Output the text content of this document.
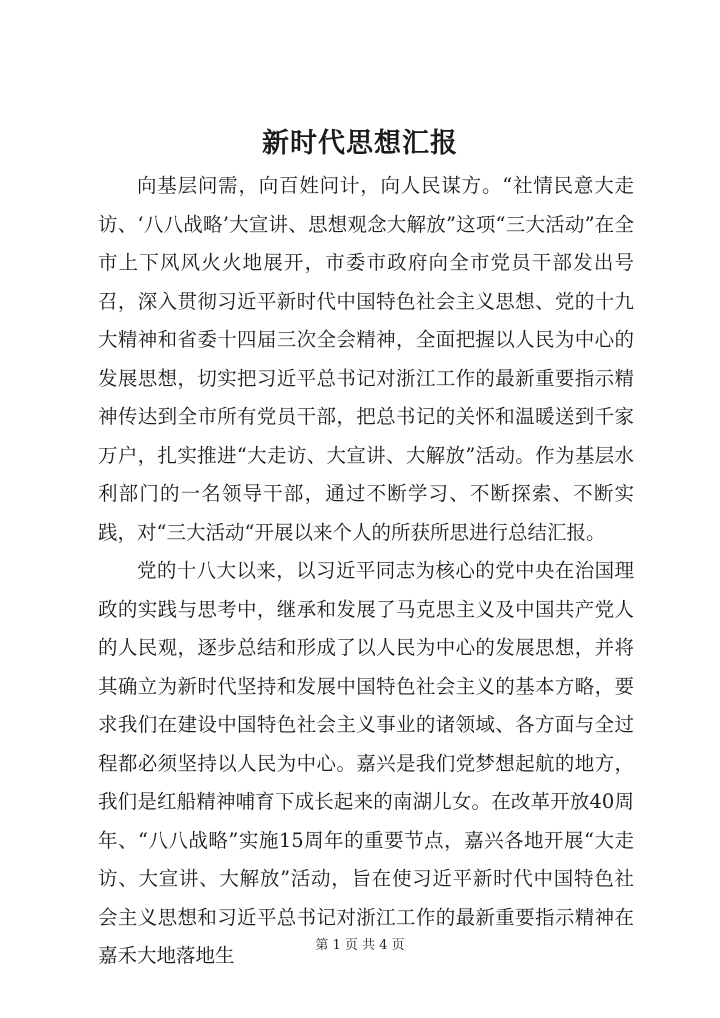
新时代思想汇报

向基层问需，向百姓问计，向人民谋方。“社情民意大走访、‘八八战略’大宣讲、思想观念大解放”这项“三大活动”在全市上下风风火火地展开，市委市政府向全市党员干部发出号召，深入贯彻习近平新时代中国特色社会主义思想、党的十九大精神和省委十四届三次全会精神，全面把握以人民为中心的发展思想，切实把习近平总书记对浙江工作的最新重要指示精神传达到全市所有党员干部，把总书记的关怀和温暖送到千家万户，扎实推进“大走访、大宣讲、大解放”活动。作为基层水利部门的一名领导干部，通过不断学习、不断探索、不断实践，对“三大活动“开展以来个人的所获所思进行总结汇报。

党的十八大以来，以习近平同志为核心的党中央在治国理政的实践与思考中，继承和发展了马克思主义及中国共产党人的人民观，逐步总结和形成了以人民为中心的发展思想，并将其确立为新时代坚持和发展中国特色社会主义的基本方略，要求我们在建设中国特色社会主义事业的诸领域、各方面与全过程都必须坚持以人民为中心。嘉兴是我们党梦想起航的地方，我们是红船精神哺育下成长起来的南湖儿女。在改革开放40周年、“八八战略”实施15周年的重要节点，嘉兴各地开展“大走访、大宣讲、大解放”活动，旨在使习近平新时代中国特色社会主义思想和习近平总书记对浙江工作的最新重要指示精神在嘉禾大地落地生	第 1 页 共 4 页
